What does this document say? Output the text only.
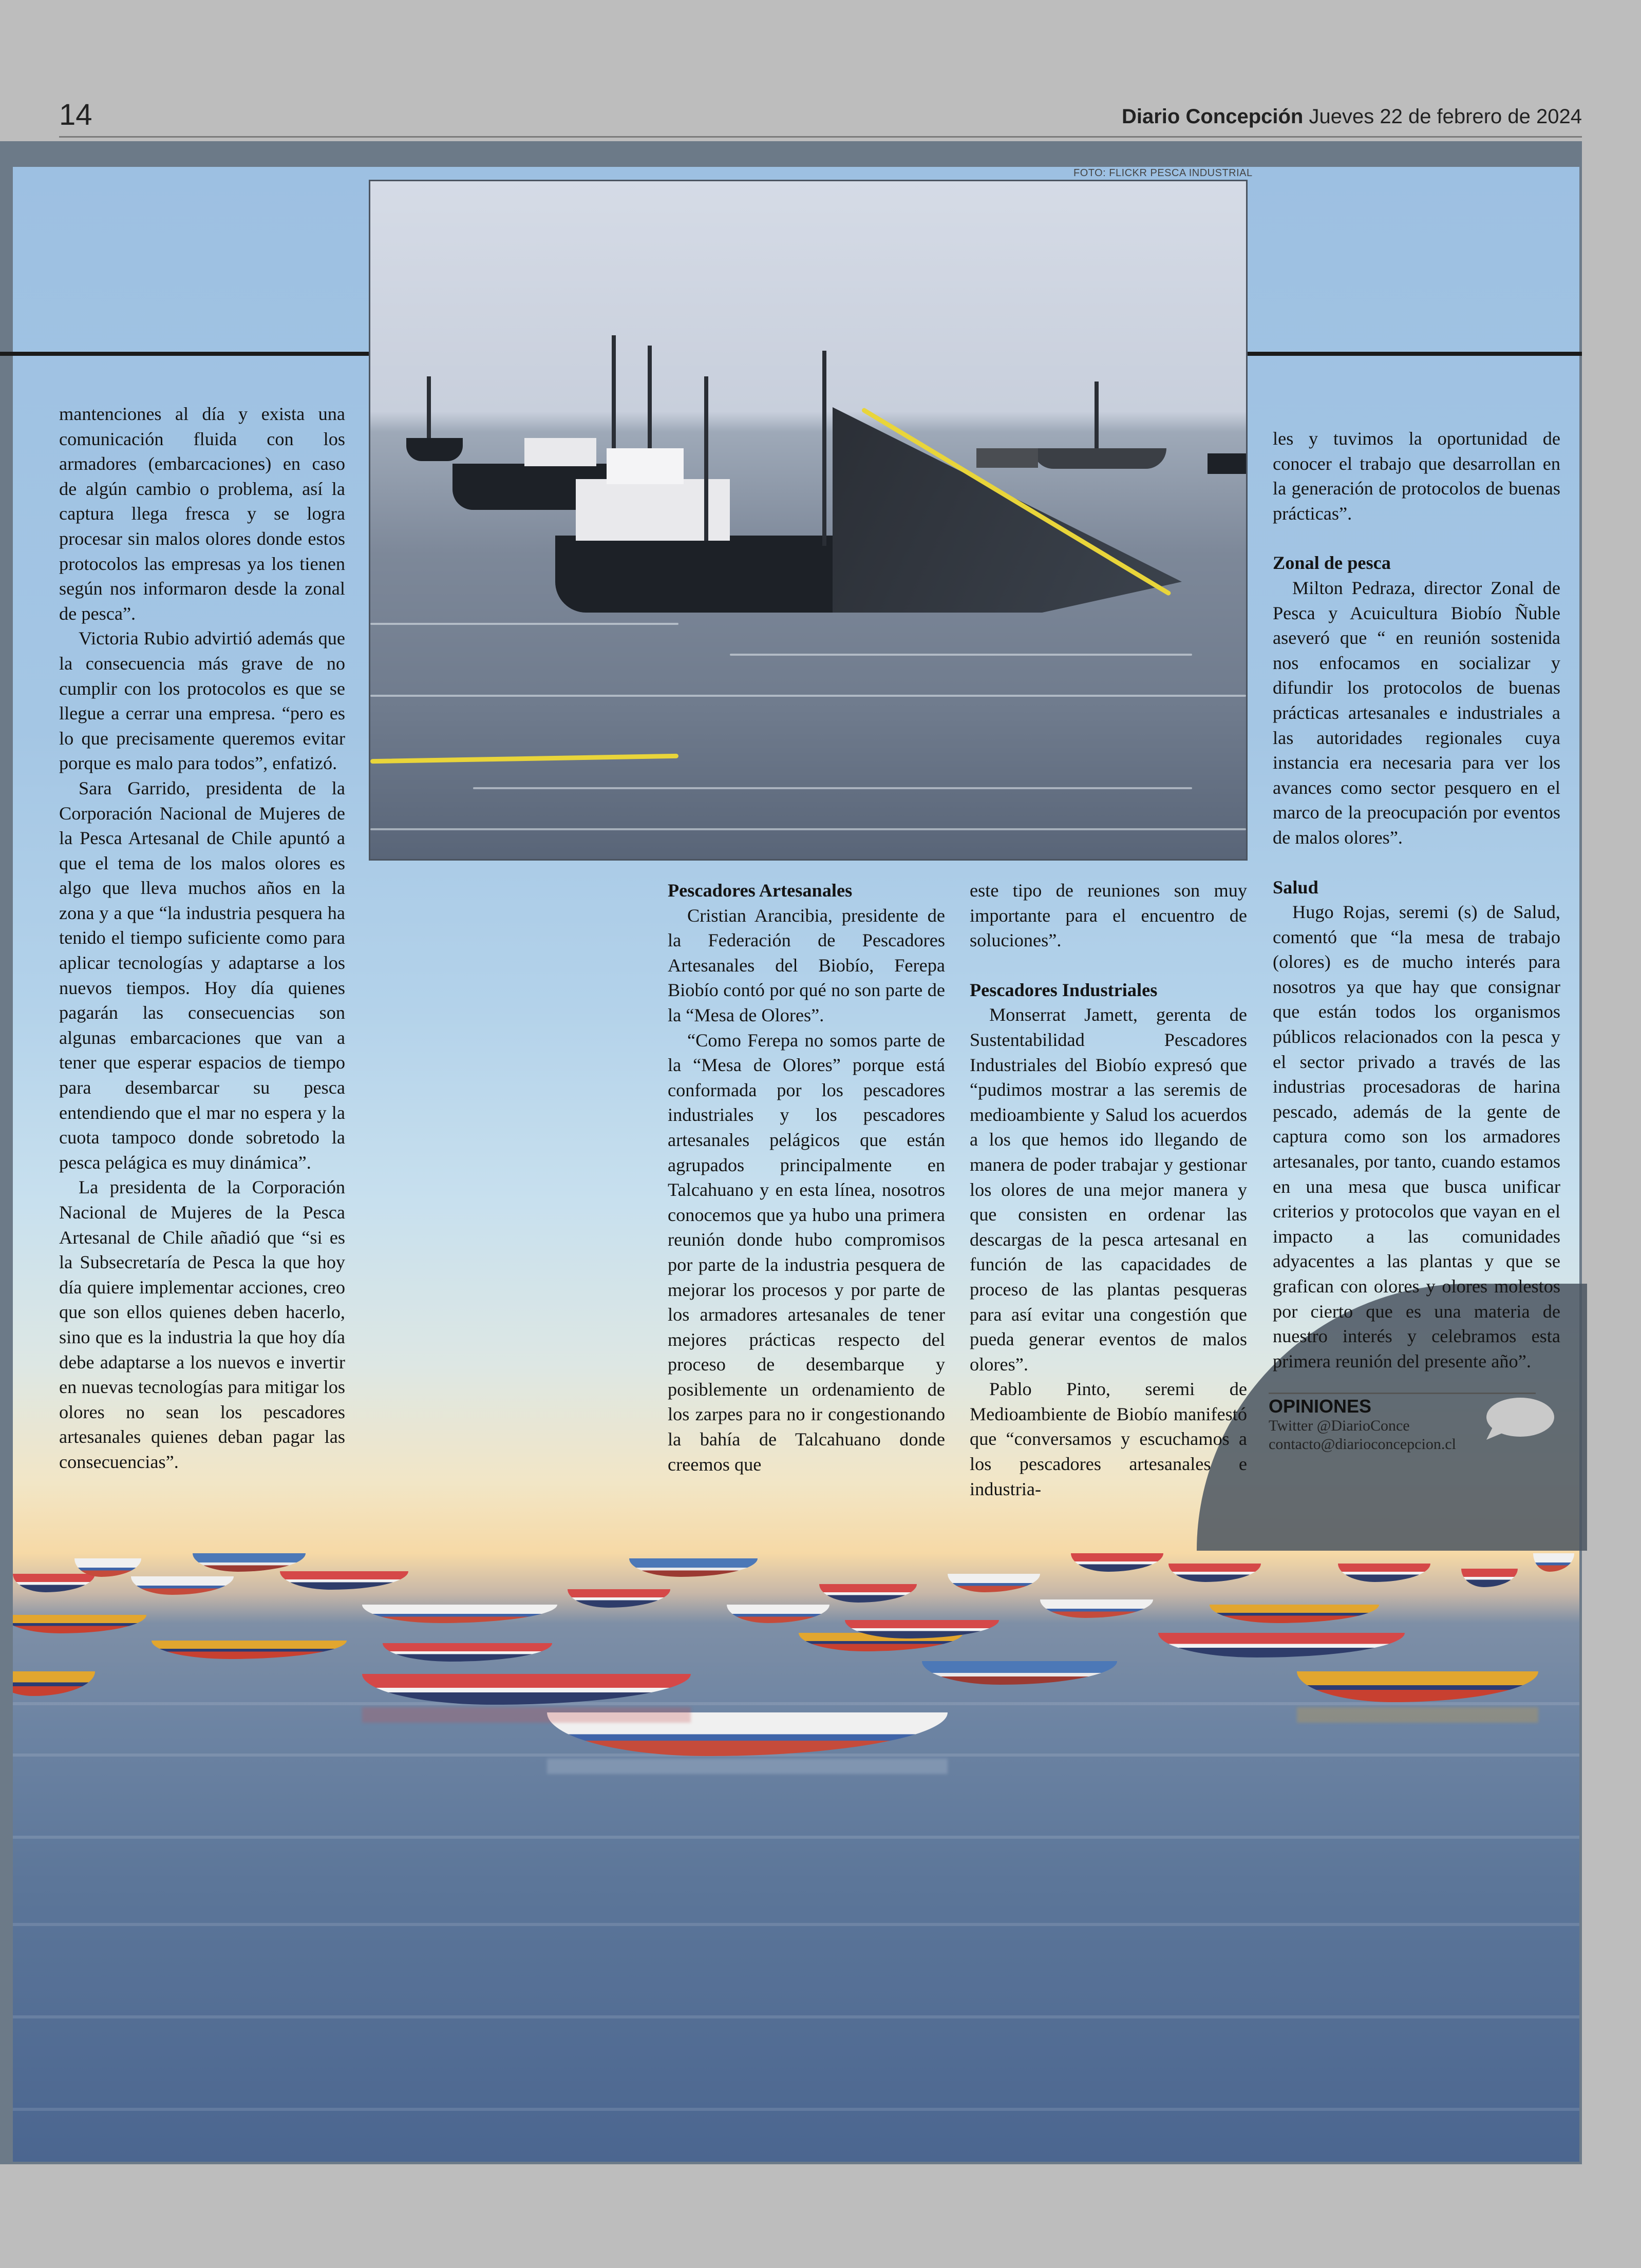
14	Diario Concepción Jueves 22 de febrero de 2024
FOTO: FLICKR PESCA INDUSTRIAL

mantenciones al día y exista una comunicación fluida con los armadores (embarcaciones) en caso de algún cambio o problema, así la captura llega fresca y se logra procesar sin malos olores donde estos protocolos las empresas ya los tienen según nos informaron desde la zonal de pesca”.

Victoria Rubio advirtió además que la consecuencia más grave de no cumplir con los protocolos es que se llegue a cerrar una empresa. “pero es lo que precisamente queremos evitar porque es malo para todos”, enfatizó.

Sara Garrido, presidenta de la Corporación Nacional de Mujeres de la Pesca Artesanal de Chile apuntó a que el tema de los malos olores es algo que lleva muchos años en la zona y a que “la industria pesquera ha tenido el tiempo suficiente como para aplicar tecnologías y adaptarse a los nuevos tiempos. Hoy día quienes pagarán las consecuencias son algunas embarcaciones que van a tener que esperar espacios de tiempo para desembarcar su pesca entendiendo que el mar no espera y la cuota tampoco donde sobretodo la pesca pelágica es muy dinámica”.

La presidenta de la Corporación Nacional de Mujeres de la Pesca Artesanal de Chile añadió que “si es la Subsecretaría de Pesca la que hoy día quiere implementar acciones, creo que son ellos quienes deben hacerlo, sino que es la industria la que hoy día debe adaptarse a los nuevos e invertir en nuevas tecnologías para mitigar los olores no sean los pescadores artesanales quienes deban pagar las consecuencias”.

Pescadores Artesanales

Cristian Arancibia, presidente de la Federación de Pescadores Artesanales del Biobío, Ferepa Biobío contó por qué no son parte de la “Mesa de Olores”.

“Como Ferepa no somos parte de la “Mesa de Olores” porque está conformada por los pescadores industriales y los pescadores artesanales pelágicos que están agrupados principalmente en Talcahuano y en esta línea, nosotros conocemos que ya hubo una primera reunión donde hubo compromisos por parte de la industria pesquera de mejorar los procesos y por parte de los armadores artesanales de tener mejores prácticas respecto del proceso de desembarque y posiblemente un ordenamiento de los zarpes para no ir congestionando la bahía de Talcahuano donde creemos que

este tipo de reuniones son muy importante para el encuentro de soluciones”.

Pescadores Industriales

Monserrat Jamett, gerenta de Sustentabilidad Pescadores Industriales del Biobío expresó que “pudimos mostrar a las seremis de medioambiente y Salud los acuerdos a los que hemos ido llegando de manera de poder trabajar y gestionar los olores de una mejor manera y que consisten en ordenar las descargas de la pesca artesanal en función de las capacidades de proceso de las plantas pesqueras para así evitar una congestión que pueda generar eventos de malos olores”.

Pablo Pinto, seremi de Medioambiente de Biobío manifestó que “conversamos y escuchamos a los pescadores artesanales e industria-

les y tuvimos la oportunidad de conocer el trabajo que desarrollan en la generación de protocolos de buenas prácticas”.

Zonal de pesca

Milton Pedraza, director Zonal de Pesca y Acuicultura Biobío Ñuble aseveró que “ en reunión sostenida nos enfocamos en socializar y difundir los protocolos de buenas prácticas artesanales e industriales a las autoridades regionales cuya instancia era necesaria para ver los avances como sector pesquero en el marco de la preocupación por eventos de malos olores”.

Salud

Hugo Rojas, seremi (s) de Salud, comentó que “la mesa de trabajo (olores) es de mucho interés para nosotros ya que hay que consignar que están todos los organismos públicos relacionados con la pesca y el sector privado a través de las industrias procesadoras de harina pescado, además de la gente de captura como son los armadores artesanales, por tanto, cuando estamos en una mesa que busca unificar criterios y protocolos que vayan en el impacto a las comunidades adyacentes a las plantas y que se grafican con olores y olores molestos por cierto que es una materia de nuestro interés y celebramos esta primera reunión del presente año”.

OPINIONES
Twitter @DiarioConce
contacto@diarioconcepcion.cl
